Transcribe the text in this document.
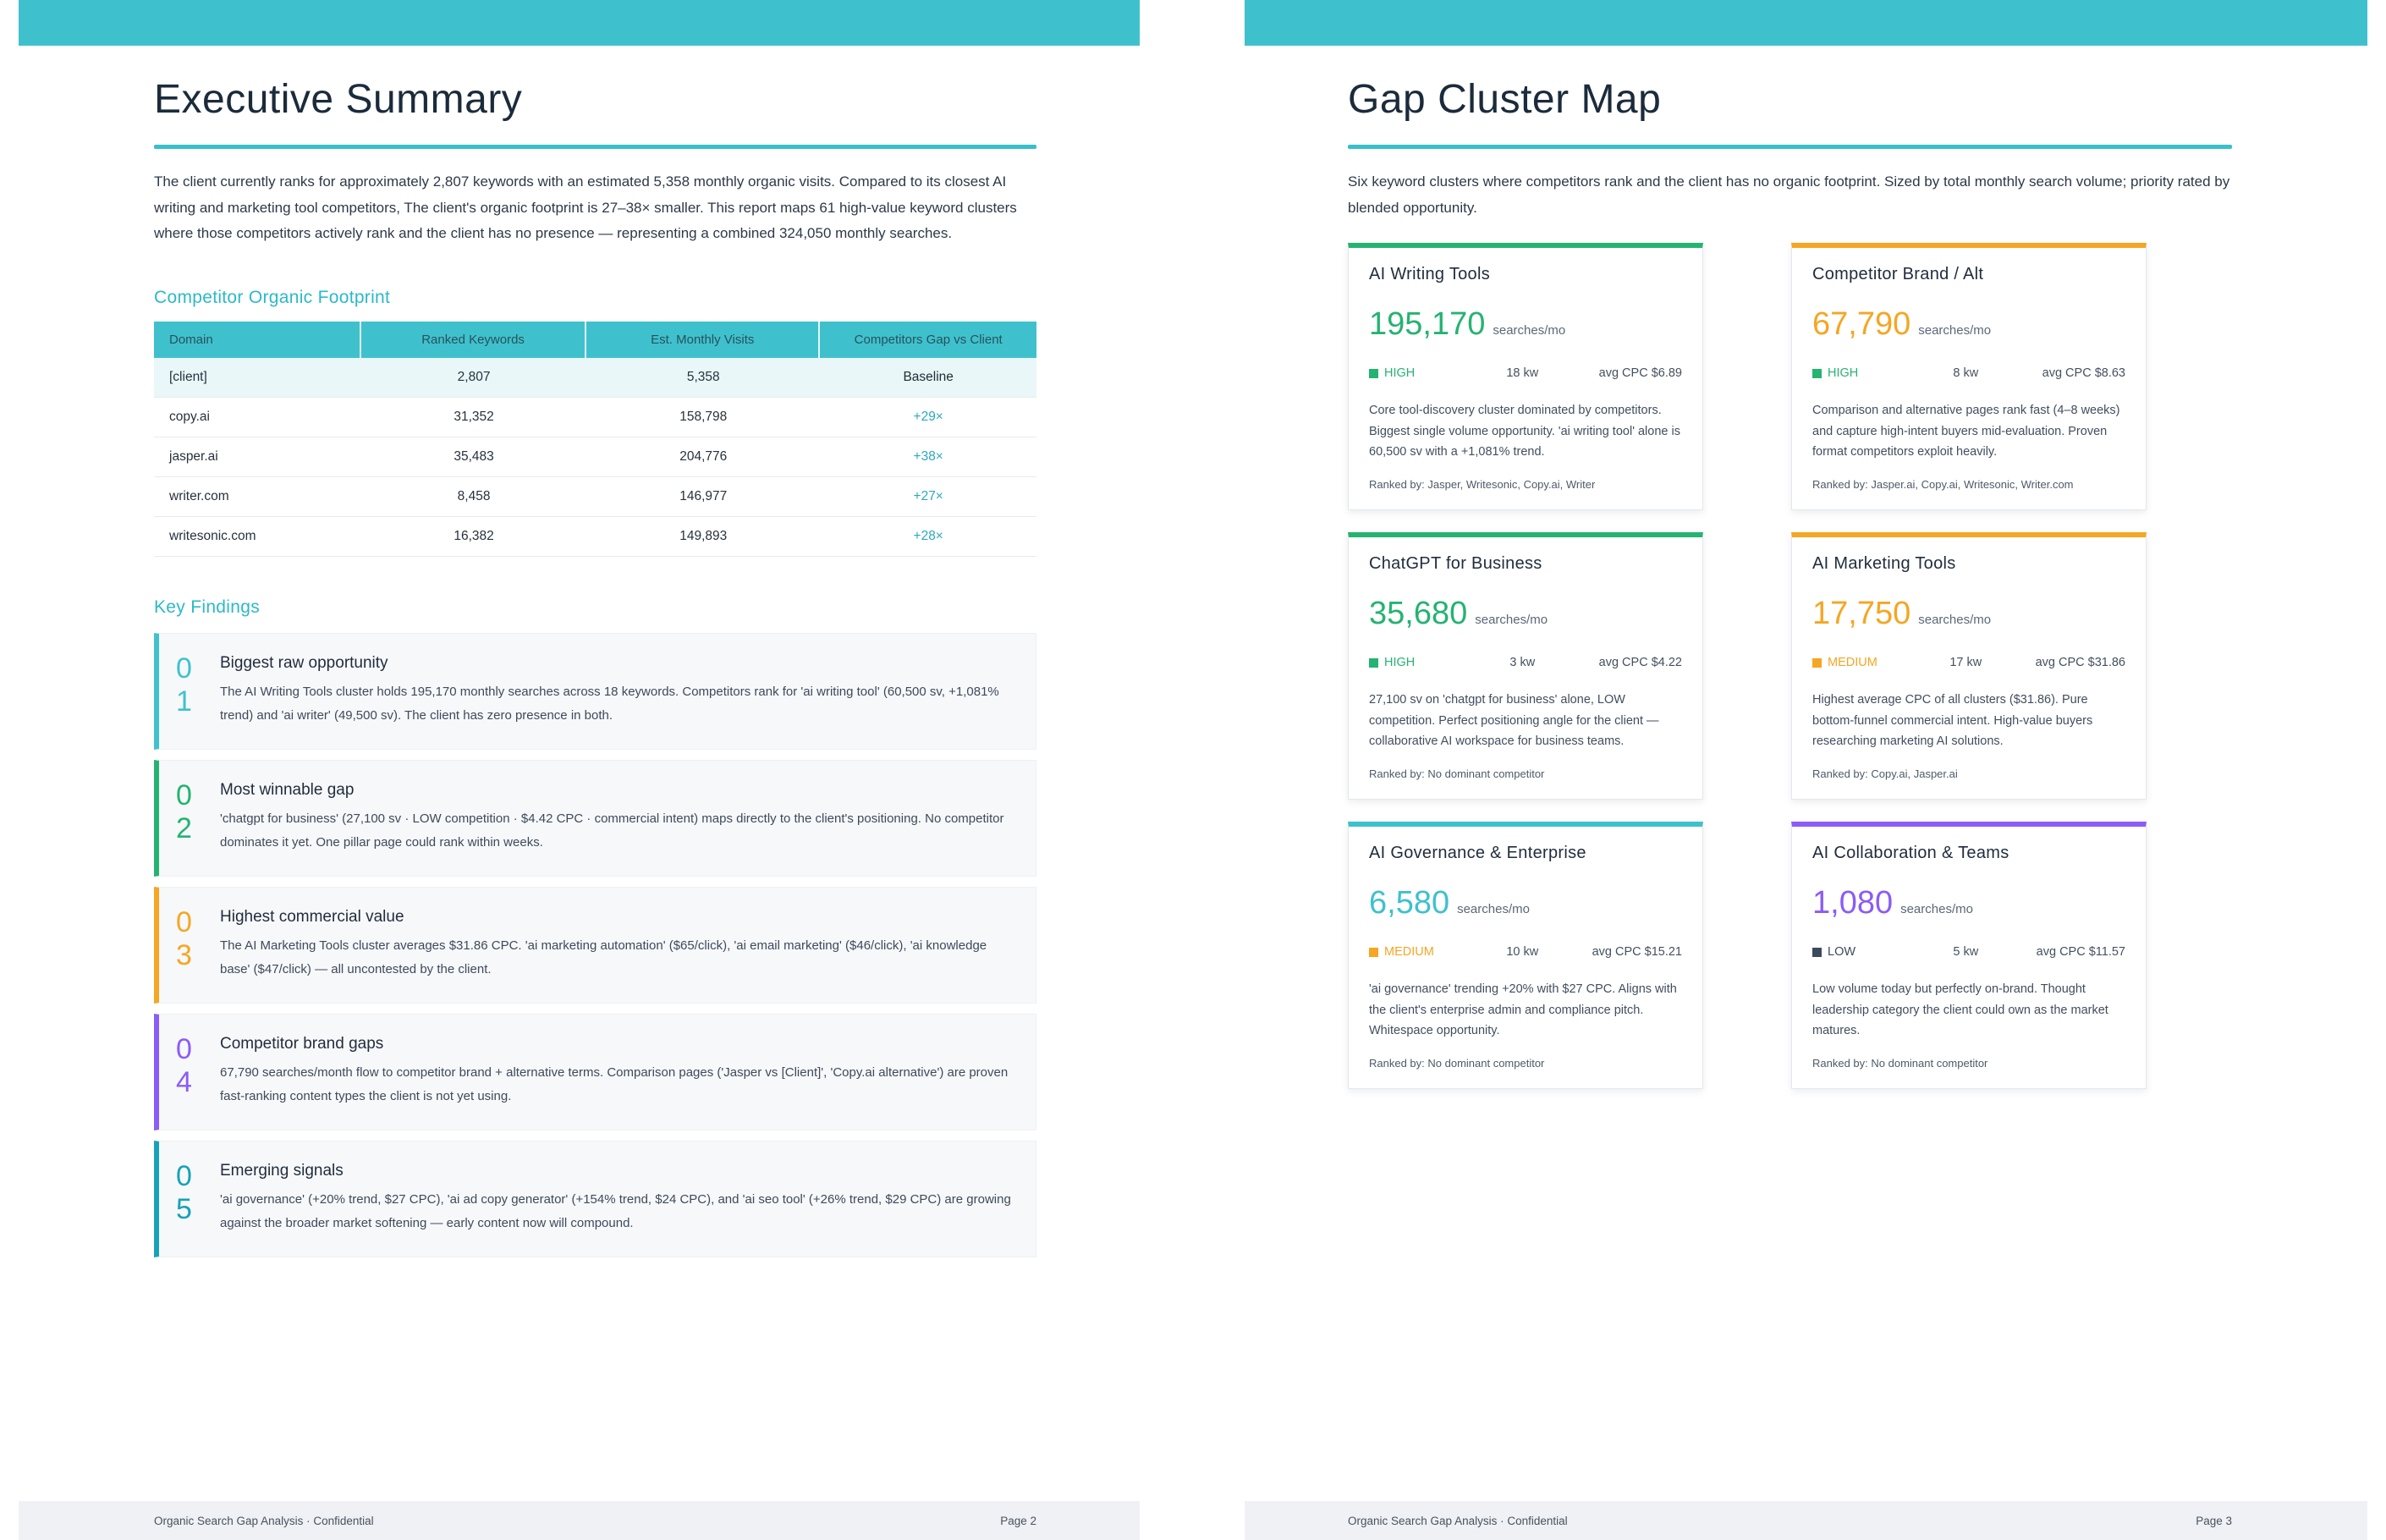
Executive Summary

The client currently ranks for approximately 2,807 keywords with an estimated 5,358 monthly organic visits. Compared to its closest AI writing and marketing tool competitors, The client's organic footprint is 27–38× smaller. This report maps 61 high-value keyword clusters where those competitors actively rank and the client has no presence — representing a combined 324,050 monthly searches.

Competitor Organic Footprint
Domain	Ranked Keywords	Est. Monthly Visits	Competitors Gap vs Client
[client]	2,807	5,358	Baseline
copy.ai	31,352	158,798	+29×
jasper.ai	35,483	204,776	+38×
writer.com	8,458	146,977	+27×
writesonic.com	16,382	149,893	+28×
Key Findings
01
Biggest raw opportunity
The AI Writing Tools cluster holds 195,170 monthly searches across 18 keywords. Competitors rank for 'ai writing tool' (60,500 sv, +1,081% trend) and 'ai writer' (49,500 sv). The client has zero presence in both.
02
Most winnable gap
'chatgpt for business' (27,100 sv · LOW competition · $4.42 CPC · commercial intent) maps directly to the client's positioning. No competitor dominates it yet. One pillar page could rank within weeks.
03
Highest commercial value
The AI Marketing Tools cluster averages $31.86 CPC. 'ai marketing automation' ($65/click), 'ai email marketing' ($46/click), 'ai knowledge base' ($47/click) — all uncontested by the client.
04
Competitor brand gaps
67,790 searches/month flow to competitor brand + alternative terms. Comparison pages ('Jasper vs [Client]', 'Copy.ai alternative') are proven fast-ranking content types the client is not yet using.
05
Emerging signals
'ai governance' (+20% trend, $27 CPC), 'ai ad copy generator' (+154% trend, $24 CPC), and 'ai seo tool' (+26% trend, $29 CPC) are growing against the broader market softening — early content now will compound.
Organic Search Gap Analysis · Confidential	Page 2
Gap Cluster Map

Six keyword clusters where competitors rank and the client has no organic footprint. Sized by total monthly search volume; priority rated by blended opportunity.

AI Writing Tools
195,170 searches/mo
HIGH	18 kw	avg CPC $6.89
Core tool-discovery cluster dominated by competitors. Biggest single volume opportunity. 'ai writing tool' alone is 60,500 sv with a +1,081% trend.
Ranked by: Jasper, Writesonic, Copy.ai, Writer
Competitor Brand / Alt
67,790 searches/mo
HIGH	8 kw	avg CPC $8.63
Comparison and alternative pages rank fast (4–8 weeks) and capture high-intent buyers mid-evaluation. Proven format competitors exploit heavily.
Ranked by: Jasper.ai, Copy.ai, Writesonic, Writer.com
ChatGPT for Business
35,680 searches/mo
HIGH	3 kw	avg CPC $4.22
27,100 sv on 'chatgpt for business' alone, LOW competition. Perfect positioning angle for the client — collaborative AI workspace for business teams.
Ranked by: No dominant competitor
AI Marketing Tools
17,750 searches/mo
MEDIUM	17 kw	avg CPC $31.86
Highest average CPC of all clusters ($31.86). Pure bottom-funnel commercial intent. High-value buyers researching marketing AI solutions.
Ranked by: Copy.ai, Jasper.ai
AI Governance & Enterprise
6,580 searches/mo
MEDIUM	10 kw	avg CPC $15.21
'ai governance' trending +20% with $27 CPC. Aligns with the client's enterprise admin and compliance pitch. Whitespace opportunity.
Ranked by: No dominant competitor
AI Collaboration & Teams
1,080 searches/mo
LOW	5 kw	avg CPC $11.57
Low volume today but perfectly on-brand. Thought leadership category the client could own as the market matures.
Ranked by: No dominant competitor
Organic Search Gap Analysis · Confidential	Page 3
